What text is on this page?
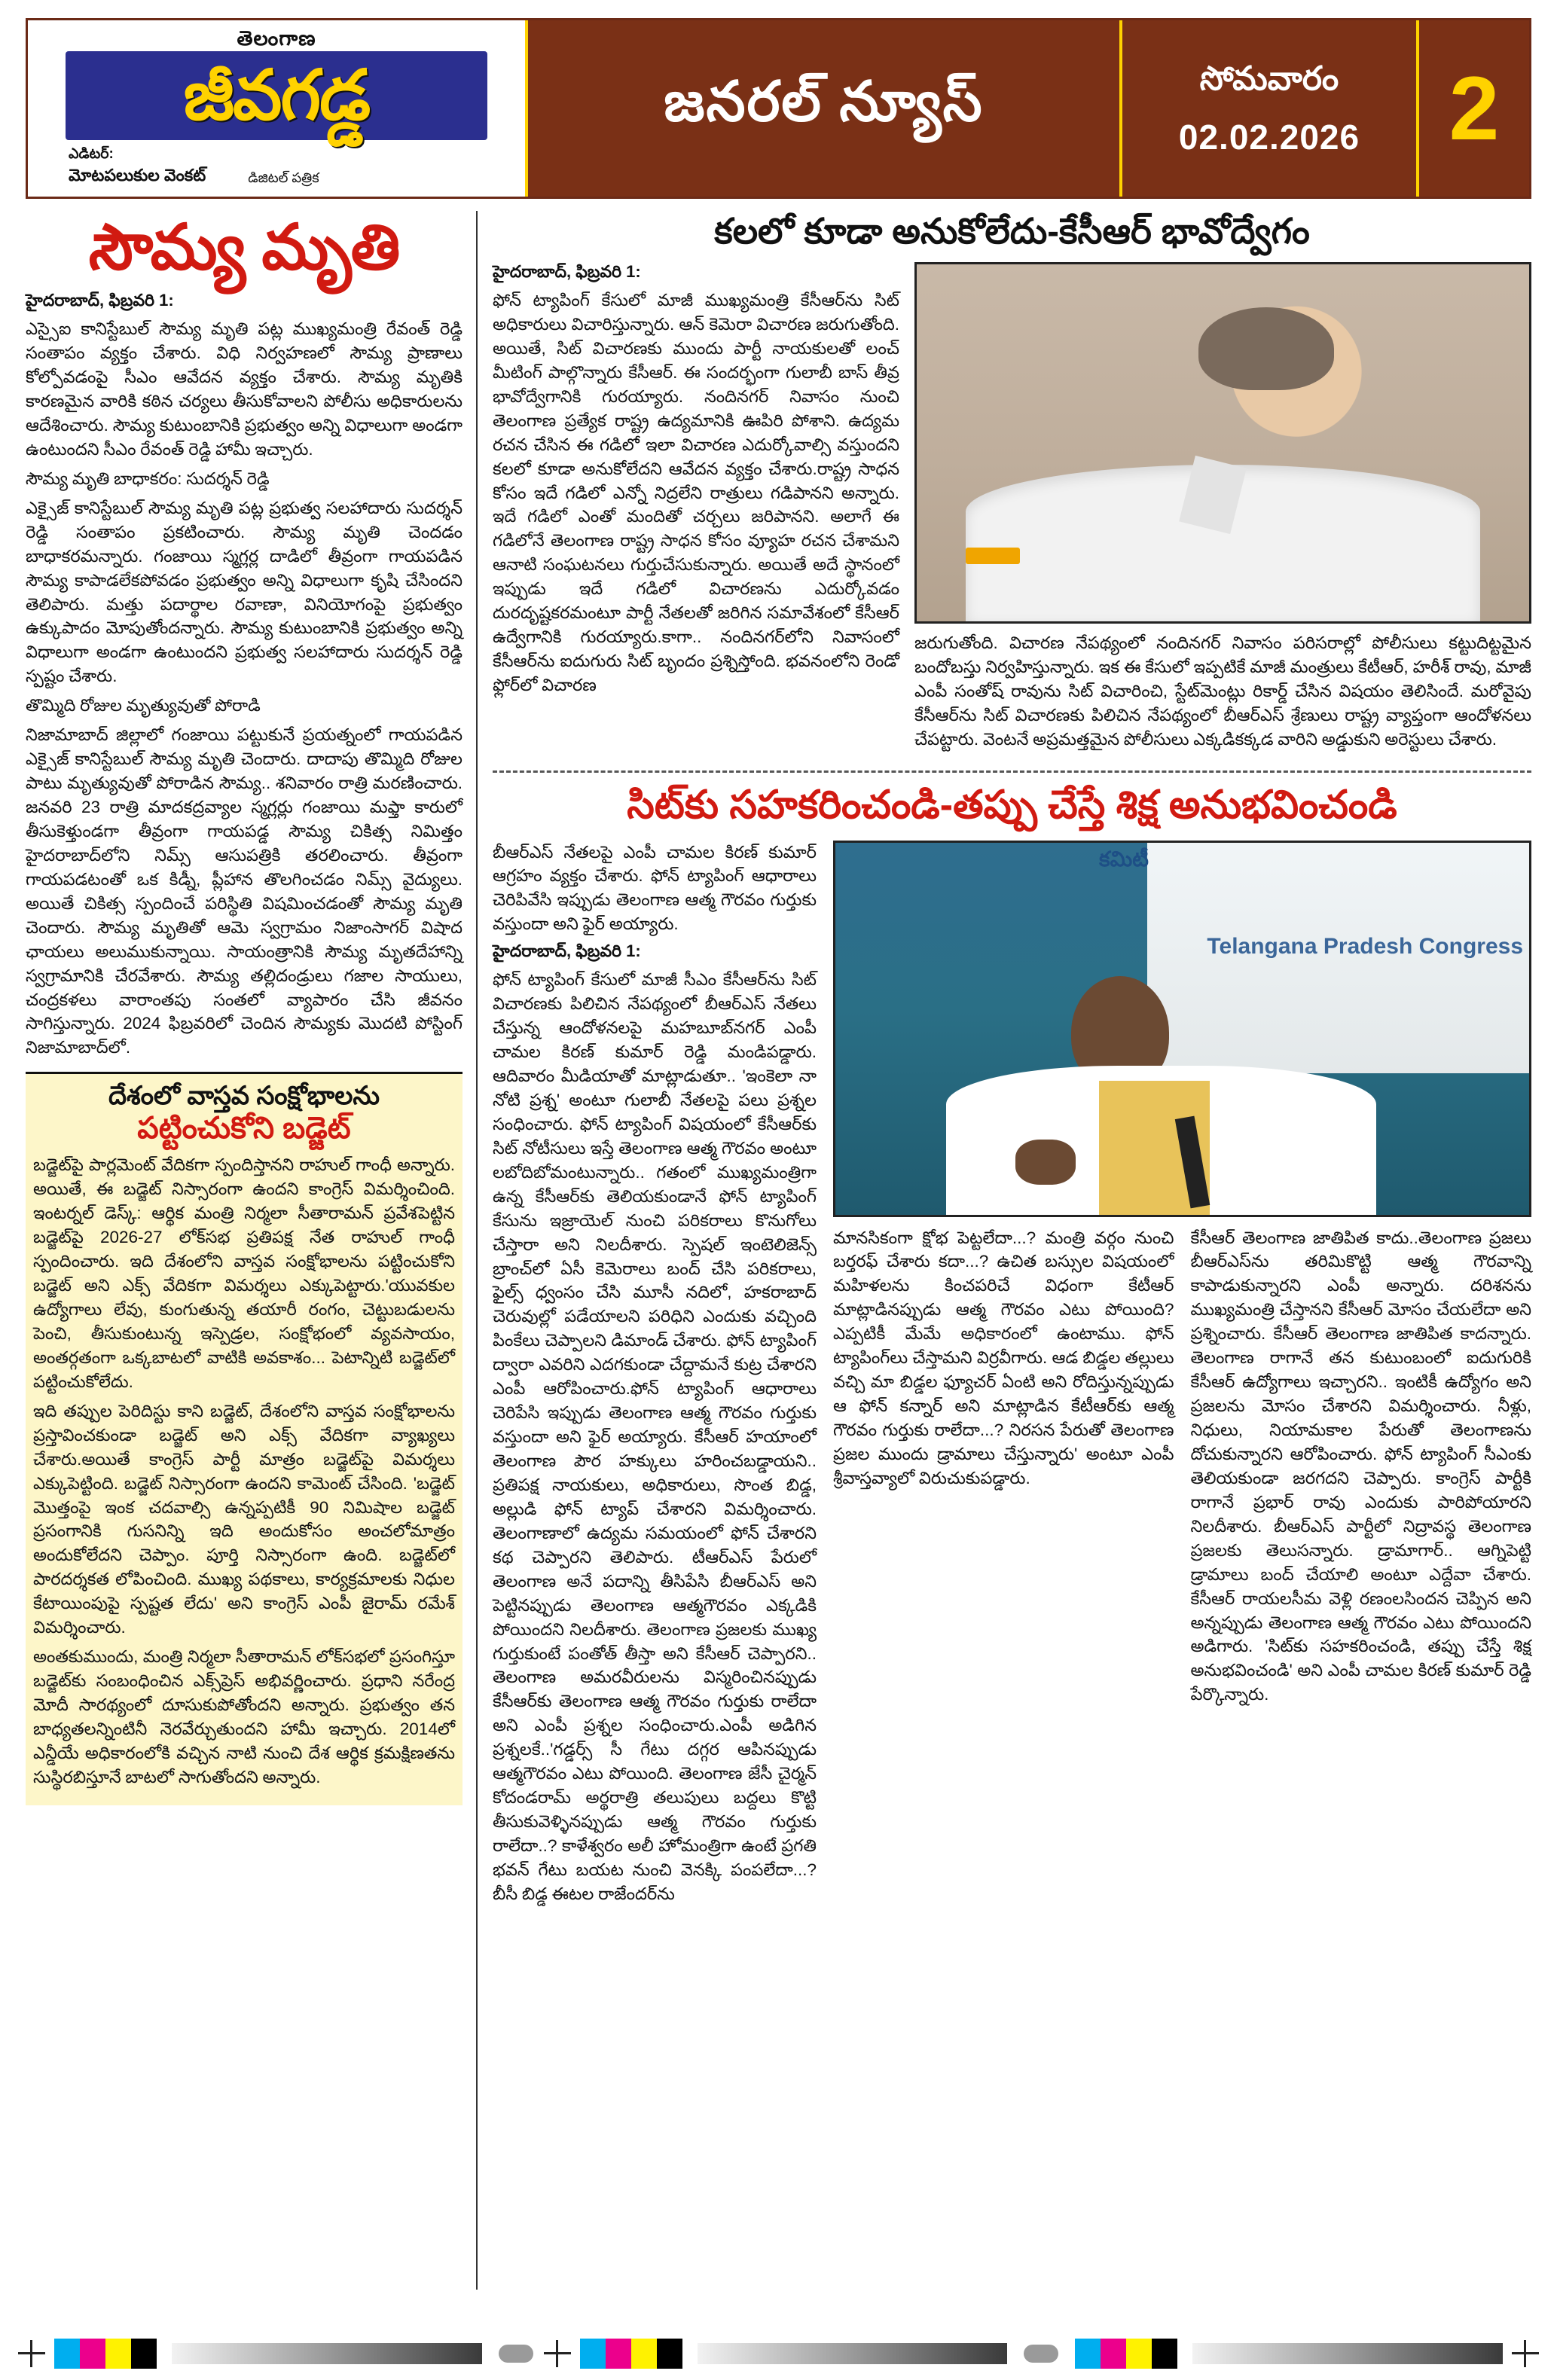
తెలంగాణ
జీవగడ్డ
ఎడిటర్:
మోటపలుకుల వెంకట్	డిజిటల్ పత్రిక
జనరల్ న్యూస్	సోమవారం
02.02.2026 2
సౌమ్య మృతి
హైదరాబాద్, ఫిబ్రవరి 1:

ఎస్సైఐ కానిస్టేబుల్ సౌమ్య మృతి పట్ల ముఖ్యమంత్రి రేవంత్ రెడ్డి సంతాపం వ్యక్తం చేశారు. విధి నిర్వహణలో సౌమ్య ప్రాణాలు కోల్పోవడంపై సీఎం ఆవేదన వ్యక్తం చేశారు. సౌమ్య మృతికి కారణమైన వారికి కఠిన చర్యలు తీసుకోవాలని పోలీసు అధికారులను ఆదేశించారు. సౌమ్య కుటుంబానికి ప్రభుత్వం అన్ని విధాలుగా అండగా ఉంటుందని సీఎం రేవంత్ రెడ్డి హామీ ఇచ్చారు.

సౌమ్య మృతి బాధాకరం: సుదర్శన్ రెడ్డి

ఎక్సైజ్ కానిస్టేబుల్ సౌమ్య మృతి పట్ల ప్రభుత్వ సలహాదారు సుదర్శన్ రెడ్డి సంతాపం ప్రకటించారు. సౌమ్య మృతి చెందడం బాధాకరమన్నారు. గంజాయి స్మగ్లర్ల దాడిలో తీవ్రంగా గాయపడిన సౌమ్య కాపాడలేకపోవడం ప్రభుత్వం అన్ని విధాలుగా కృషి చేసిందని తెలిపారు. మత్తు పదార్థాల రవాణా, వినియోగంపై ప్రభుత్వం ఉక్కుపాదం మోపుతోందన్నారు. సౌమ్య కుటుంబానికి ప్రభుత్వం అన్ని విధాలుగా అండగా ఉంటుందని ప్రభుత్వ సలహాదారు సుదర్శన్ రెడ్డి స్పష్టం చేశారు.

తొమ్మిది రోజుల మృత్యువుతో పోరాడి

నిజామాబాద్ జిల్లాలో గంజాయి పట్టుకునే ప్రయత్నంలో గాయపడిన ఎక్సైజ్ కానిస్టేబుల్ సౌమ్య మృతి చెందారు. దాదాపు తొమ్మిది రోజుల పాటు మృత్యువుతో పోరాడిన సౌమ్య.. శనివారం రాత్రి మరణించారు. జనవరి 23 రాత్రి మాదకద్రవ్యాల స్మగ్లర్లు గంజాయి మఫ్తా కారులో తీసుకెళ్తుండగా తీవ్రంగా గాయపడ్డ సౌమ్య చికిత్స నిమిత్తం హైదరాబాద్‌లోని నిమ్స్ ఆసుపత్రికి తరలించారు. తీవ్రంగా గాయపడటంతో ఒక కిడ్నీ, ప్లీహాన తొలగించడం నిమ్స్ వైద్యులు. అయితే చికిత్స స్పందించే పరిస్థితి విషమించడంతో సౌమ్య మృతి చెందారు. సౌమ్య మృతితో ఆమె స్వగ్రామం నిజాంసాగర్ విషాద ఛాయలు అలుముకున్నాయి. సాయంత్రానికి సౌమ్య మృతదేహాన్ని స్వగ్రామానికి చేరవేశారు. సౌమ్య తల్లిదండ్రులు గజాల సాయులు, చంద్రకళలు వారాంతపు సంతలో వ్యాపారం చేసి జీవనం సాగిస్తున్నారు. 2024 ఫిబ్రవరిలో చెందిన సౌమ్యకు మొదటి పోస్టింగ్ నిజామాబాద్‌లో.

దేశంలో వాస్తవ సంక్షోభాలను
పట్టించుకోని బడ్జెట్

బడ్జెట్‌పై పార్లమెంట్ వేదికగా స్పందిస్తానని రాహుల్ గాంధీ అన్నారు. అయితే, ఈ బడ్జెట్ నిస్సారంగా ఉందని కాంగ్రెస్ విమర్శించింది. ఇంటర్నల్ డెస్క్: ఆర్థిక మంత్రి నిర్మలా సీతారామన్ ప్రవేశపెట్టిన బడ్జెట్‌పై 2026-27 లోక్‌సభ ప్రతిపక్ష నేత రాహుల్ గాంధీ స్పందించారు. ఇది దేశంలోని వాస్తవ సంక్షోభాలను పట్టించుకోని బడ్జెట్ అని ఎక్స్ వేదికగా విమర్శలు ఎక్కుపెట్టారు.'యువకుల ఉద్యోగాలు లేవు, కుంగుతున్న తయారీ రంగం, చెట్టుబడులను పెంచి, తీసుకుంటున్న ఇస్పెడ్రల, సంక్షోభంలో వ్యవసాయం, అంతర్గతంగా ఒక్కబాటలో వాటికి అవకాశం... పెటాన్నిటి బడ్జెట్‌లో పట్టించుకోలేదు.

ఇది తప్పుల పెరిదిస్టు కాని బడ్జెట్, దేశంలోని వాస్తవ సంక్షోభాలను ప్రస్తావించకుండా బడ్జెట్ అని ఎక్స్ వేదికగా వ్యాఖ్యలు చేశారు.అయితే కాంగ్రెస్ పార్టీ మాత్రం బడ్జెట్‌పై విమర్శలు ఎక్కుపెట్టింది. బడ్జెట్ నిస్సారంగా ఉందని కామెంట్ చేసింది. 'బడ్జెట్ మొత్తంపై ఇంక చదవాల్సి ఉన్నప్పటికీ 90 నిమిషాల బడ్జెట్ ప్రసంగానికి గుసనిన్ని ఇది అందుకోసం అంచలోమాత్రం అందుకోలేదని చెప్పాం. పూర్తి నిస్సారంగా ఉంది. బడ్జెట్‌లో పారదర్శకత లోపించింది. ముఖ్య పథకాలు, కార్యక్రమాలకు నిధుల కేటాయింపుపై స్పష్టత లేదు' అని కాంగ్రెస్ ఎంపీ జైరామ్ రమేశ్ విమర్శించారు.

అంతకుముందు, మంత్రి నిర్మలా సీతారామన్ లోక్‌సభలో ప్రసంగిస్తూ బడ్జెట్‌కు సంబంధించిన ఎక్స్‌ప్రెస్ అభివర్ణించారు. ప్రధాని నరేంద్ర మోదీ సారథ్యంలో దూసుకుపోతోందని అన్నారు. ప్రభుత్వం తన బాధ్యతలన్నింటినీ నెరవేర్చుతుందని హామీ ఇచ్చారు. 2014లో ఎన్డీయే అధికారంలోకి వచ్చిన నాటి నుంచి దేశ ఆర్థిక క్రమక్షిణతను సుస్థిరబిస్తూనే బాటలో సాగుతోందని అన్నారు.

కలలో కూడా అనుకోలేదు-కేసీఆర్ భావోద్వేగం
హైదరాబాద్, ఫిబ్రవరి 1:

ఫోన్ ట్యాపింగ్ కేసులో మాజీ ముఖ్యమంత్రి కేసీఆర్‌ను సిట్ అధికారులు విచారిస్తున్నారు. ఆన్ కెమెరా విచారణ జరుగుతోంది. అయితే, సిట్ విచారణకు ముందు పార్టీ నాయకులతో లంచ్ మీటింగ్ పాల్గొన్నారు కేసీఆర్. ఈ సందర్భంగా గులాబీ బాస్ తీవ్ర భావోద్వేగానికి గురయ్యారు. నందినగర్ నివాసం నుంచి తెలంగాణ ప్రత్యేక రాష్ట్ర ఉద్యమానికి ఊపిరి పోశాని. ఉద్యమ రచన చేసిన ఈ గడిలో ఇలా విచారణ ఎదుర్కోవాల్సి వస్తుందని కలలో కూడా అనుకోలేదని ఆవేదన వ్యక్తం చేశారు.రాష్ట్ర సాధన కోసం ఇదే గడిలో ఎన్నో నిద్రలేని రాత్రులు గడిపానని అన్నారు. ఇదే గడిలో ఎంతో మందితో చర్చలు జరిపానని. అలాగే ఈ గడిలోనే తెలంగాణ రాష్ట్ర సాధన కోసం వ్యూహ రచన చేశామని ఆనాటి సంఘటనలు గుర్తుచేసుకున్నారు. అయితే అదే స్థానంలో ఇప్పుడు ఇదే గడిలో విచారణను ఎదుర్కోవడం దురదృష్టకరమంటూ పార్టీ నేతలతో జరిగిన సమావేశంలో కేసీఆర్ ఉద్వేగానికి గురయ్యారు.కాగా.. నందినగర్‌లోని నివాసంలో కేసీఆర్‌ను ఐదుగురు సిట్ బృందం ప్రశ్నిస్తోంది. భవనంలోని రెండో ఫ్లోర్‌లో విచారణ

జరుగుతోంది. విచారణ నేపథ్యంలో నందినగర్ నివాసం పరిసరాల్లో పోలీసులు కట్టుదిట్టమైన బందోబస్తు నిర్వహిస్తున్నారు. ఇక ఈ కేసులో ఇప్పటికే మాజీ మంత్రులు కేటీఆర్, హరీశ్ రావు, మాజీ ఎంపీ సంతోష్ రావును సిట్ విచారించి, స్టేట్‌మెంట్లు రికార్డ్ చేసిన విషయం తెలిసిందే. మరోవైపు కేసీఆర్‌ను సిట్ విచారణకు పిలిచిన నేపథ్యంలో బీఆర్ఎస్ శ్రేణులు రాష్ట్ర వ్యాప్తంగా ఆందోళనలు చేపట్టారు. వెంటనే అప్రమత్తమైన పోలీసులు ఎక్కడికక్కడ వారిని అడ్డుకుని అరెస్టులు చేశారు.

సిట్‌కు సహకరించండి-తప్పు చేస్తే శిక్ష అనుభవించండి

బీఆర్ఎస్ నేతలపై ఎంపీ చామల కిరణ్ కుమార్ ఆగ్రహం వ్యక్తం చేశారు. ఫోన్ ట్యాపింగ్ ఆధారాలు చెరిపివేసి ఇప్పుడు తెలంగాణ ఆత్మ గౌరవం గుర్తుకు వస్తుందా అని ఫైర్ అయ్యారు.

హైదరాబాద్, ఫిబ్రవరి 1:

ఫోన్ ట్యాపింగ్ కేసులో మాజీ సీఎం కేసీఆర్‌ను సిట్ విచారణకు పిలిచిన నేపథ్యంలో బీఆర్ఎస్ నేతలు చేస్తున్న ఆందోళనలపై మహబూబ్‌నగర్ ఎంపీ చామల కిరణ్ కుమార్ రెడ్డి మండిపడ్డారు. ఆదివారం మీడియాతో మాట్లాడుతూ.. 'ఇంకెలా నా నోటి ప్రశ్న' అంటూ గులాబీ నేతలపై పలు ప్రశ్నల సంధించారు. ఫోన్ ట్యాపింగ్ విషయంలో కేసీఆర్‌కు సిట్ నోటీసులు ఇస్తే తెలంగాణ ఆత్మ గౌరవం అంటూ లబోదిబోమంటున్నారు.. గతంలో ముఖ్యమంత్రిగా ఉన్న కేసీఆర్‌కు తెలియకుండానే ఫోన్ ట్యాపింగ్ కేసును ఇజ్రాయెల్ నుంచి పరికరాలు కొనుగోలు చేస్తారా అని నిలదీశారు. స్పెషల్ ఇంటెలిజెన్స్ బ్రాంచ్‌లో ఏసీ కెమెరాలు బంద్ చేసి పరికరాలు, ఫైల్స్ ధ్వంసం చేసి మూసీ నదిలో, హకరాబాద్ చెరువుల్లో పడేయాలని పరిధిని ఎందుకు వచ్చింది పింకేలు చెప్పాలని డిమాండ్ చేశారు. ఫోన్ ట్యాపింగ్ ద్వారా ఎవరిని ఎదగకుండా చేద్దామనే కుట్ర చేశారని ఎంపీ ఆరోపించారు.ఫోన్ ట్యాపింగ్ ఆధారాలు చెరిపేసి ఇప్పుడు తెలంగాణ ఆత్మ గౌరవం గుర్తుకు వస్తుందా అని ఫైర్ అయ్యారు. కేసీఆర్ హయాంలో తెలంగాణ పౌర హక్కులు హరించబడ్డాయని.. ప్రతిపక్ష నాయకులు, అధికారులు, సొంత బిడ్డ, అల్లుడి ఫోన్ ట్యాప్ చేశారని విమర్శించారు. తెలంగాణాలో ఉద్యమ సమయంలో ఫోన్ చేశారని కథ చెప్పారని తెలిపారు. టీఆర్ఎస్ పేరులో తెలంగాణ అనే పదాన్ని తీసిపేసి బీఆర్ఎస్ అని పెట్టినప్పుడు తెలంగాణ ఆత్మగౌరవం ఎక్కడికి పోయిందని నిలదీశారు. తెలంగాణ ప్రజలకు ముఖ్య గుర్తుకుంటే పంతోత్ తీస్తా అని కేసీఆర్ చెప్పారని.. తెలంగాణ అమరవీరులను విస్మరించినప్పుడు కేసీఆర్‌కు తెలంగాణ ఆత్మ గౌరవం గుర్తుకు రాలేదా అని ఎంపీ ప్రశ్నల సంధించారు.ఎంపీ అడిగిన ప్రశ్నలకే..'గడ్డర్స్ సీ గేటు దగ్గర ఆపినప్పుడు ఆత్మగౌరవం ఎటు పోయింది. తెలంగాణ జేసీ చైర్మన్ కోదండరామ్ అర్థరాత్రి తలుపులు బద్దలు కొట్టి తీసుకువెళ్ళినప్పుడు ఆత్మ గౌరవం గుర్తుకు రాలేదా..? కాళేశ్వరం అలీ హోమంత్రిగా ఉంటే ప్రగతి భవన్ గేటు బయట నుంచి వెనక్కి పంపలేదా...? బీసీ బిడ్డ ఈటల రాజేందర్‌ను

కమిటీ
Telangana Pradesh Congress

మానసికంగా క్షోభ పెట్టలేదా...? మంత్రి వర్గం నుంచి బర్తరఫ్ చేశారు కదా...? ఉచిత బస్సుల విషయంలో మహిళలను కించపరిచే విధంగా కేటీఆర్ మాట్లాడినప్పుడు ఆత్మ గౌరవం ఎటు పోయింది? ఎప్పటికీ మేమే అధికారంలో ఉంటాము. ఫోన్ ట్యాపింగ్‌లు చేస్తామని విర్రవీగారు. ఆడ బిడ్డల తల్లులు వచ్చి మా బిడ్డల ఫ్యూచర్ ఏంటి అని రోదిస్తున్నప్పుడు ఆ ఫోన్ కన్నార్ అని మాట్లాడిన కేటీఆర్‌కు ఆత్మ గౌరవం గుర్తుకు రాలేదా...? నిరసన పేరుతో తెలంగాణ ప్రజల ముందు డ్రామాలు చేస్తున్నారు' అంటూ ఎంపీ శ్రీవాస్తవ్యాలో విరుచుకుపడ్డారు.

కేసీఆర్ తెలంగాణ జాతిపిత కాదు..తెలంగాణ ప్రజలు బీఆర్ఎస్‌ను తరిమికొట్టి ఆత్మ గౌరవాన్ని కాపాడుకున్నారని ఎంపీ అన్నారు. దరిశనను ముఖ్యమంత్రి చేస్తానని కేసీఆర్ మోసం చేయలేదా అని ప్రశ్నించారు. కేసీఆర్ తెలంగాణ జాతిపిత కాదన్నారు. తెలంగాణ రాగానే తన కుటుంబంలో ఐదుగురికి కేసీఆర్ ఉద్యోగాలు ఇచ్చారని.. ఇంటికీ ఉద్యోగం అని ప్రజలను మోసం చేశారని విమర్శించారు. నీళ్లు, నిధులు, నియామకాల పేరుతో తెలంగాణను దోచుకున్నారని ఆరోపించారు. ఫోన్ ట్యాపింగ్ సీఎంకు తెలియకుండా జరగదని చెప్పారు. కాంగ్రెస్ పార్టీకి రాగానే ప్రభార్ రావు ఎందుకు పారిపోయారని నిలదీశారు. బీఆర్ఎస్ పార్టీలో నిద్రావస్థ తెలంగాణ ప్రజలకు తెలుసన్నారు. డ్రామాగార్.. ఆగ్నిపెట్టి డ్రామాలు బంద్ చేయాలి అంటూ ఎద్దేవా చేశారు. కేసీఆర్ రాయలసీమ వెళ్లి రణంలసిందన చెప్పిన అని అన్నప్పుడు తెలంగాణ ఆత్మ గౌరవం ఎటు పోయిందని అడిగారు. 'సిట్‌కు సహకరించండి, తప్పు చేస్తే శిక్ష అనుభవించండి' అని ఎంపీ చామల కిరణ్ కుమార్ రెడ్డి పేర్కొన్నారు.
